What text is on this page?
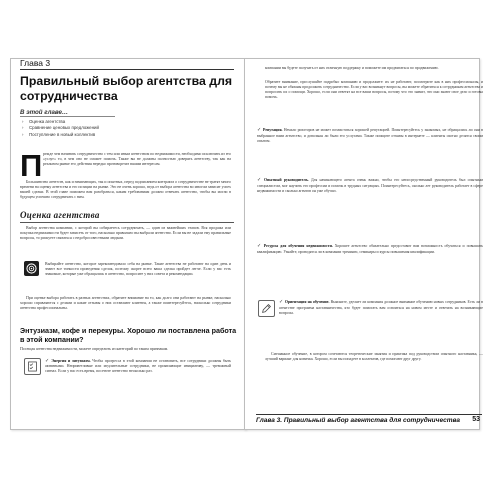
Глава 3
Правильный выбор агентства для сотрудничества
В этой главе…
› Оценка агентства
› Сравнение ценовых предложений
› Поступление в новый коллектив
П режде чем начинать сотрудничество с тем или иным агентством по недвижимости, необходимо исключить из его «услуг» то, в чем оно не сможет помочь. Также вы не должны полностью доверять агентству, так как на реальном рынке его действия нередко противоречат вашим интересам.

Большинство агентств, как и начинающих, так и опытных, перед подписанием контракта о сотрудничестве не тратят много времени на оценку агентства и его позиции на рынке. Это не очень хорошо, ведь от выбора агентства во многом зависит успех вашей сделки. В этой главе поможем вам разобраться, каким требованиям должно отвечать агентство, чтобы вы могли в будущем успешно сотрудничать с ним.

Оценка агентства

Выбор агентства компании, с которой вы собираетесь сотрудничать, — один из важнейших этапов. Вся продажа или покупка недвижимости будет зависеть от того, насколько правильно вы выбрали агентство. Если вы не задали ему правильные вопросы, то рискуете связаться с недобросовестными людьми.

Выбирайте агентство, которое зарекомендовало себя на рынке. Такие агентства не работают на один день и знают все тонкости проведения сделок, поэтому скорее всего ваша сделка пройдет легче. Если у вас есть знакомые, которые уже обращались в агентство, попросите у них совета и рекомендации.

При оценке выбора работать в разных агентствах, обратите внимание на то, как долго они работают на рынке, насколько хорошо справляются с делами и какие отзывы о них оставляют клиенты, а также поинтересуйтесь, насколько сотрудники агентства профессиональны.

Энтузиазм, кофе и перекуры. Хорошо ли поставлена работа в этой компании?

Посещая агентства недвижимости, можете определить из категорий по таким признакам.

✓ Энергия и энтузиазм. Чтобы прогресса в этой компании не остановить, все сотрудники должны быть активными. Неприветливые или медлительные сотрудники, не проявляющие инициативу, — тревожный сигнал. Если у вас есть время, посетите агентство несколько раз.

компании вы будете получать от них отличную поддержку и поможете им продвигаться по продвижению.

Обратите внимание, прослушайте подробно компанию и продолжите: их не работают, посмотрите как в них профессионалы, и почему вы не обязаны продолжить сотрудничество. Если у вас возникнут вопросы, вы можете обратиться к сотрудникам агентства и попросить их о помощи. Хорошо, если они ответят на все ваши вопросы, потому что это значит, что они знают свое дело и готовы помочь.

✓ Репутация. Немало риэлторов не может похвастаться хорошей репутацией. Поинтересуйтесь у знакомых, не обращались ли они в выбранное вами агентство, и довольны ли были его услугами. Также поищите отзывы в интернете — клиенты охотно делятся своим опытом.
✓ Опытный руководитель. Для начинающего агента очень важно, чтобы его непосредственный руководитель был опытным специалистом, мог научить его профессии и помочь в трудных ситуациях. Поинтересуйтесь, сколько лет руководитель работает в сфере недвижимости и сколько агентов он уже обучил.
✓ Ресурсы для обучения недвижимости. Хорошее агентство обязательно предоставит вам возможность обучаться и повышать квалификацию. Узнайте, проводятся ли в компании тренинги, семинары и курсы повышения квалификации.
✓ Ориентация на обучение. Выясните, уделяет ли компания должное внимание обучению новых сотрудников. Есть ли в агентстве программа наставничества, кто будет помогать вам освоиться на новом месте и отвечать на возникающие вопросы.

Смешанное обучение, в котором сочетаются теоретические занятия и практика под руководством опытного наставника, — лучший вариант для новичка. Хорошо, если вы попадете в коллектив, где помогают друг другу.

Глава 3. Правильный выбор агентства для сотрудничества 53
